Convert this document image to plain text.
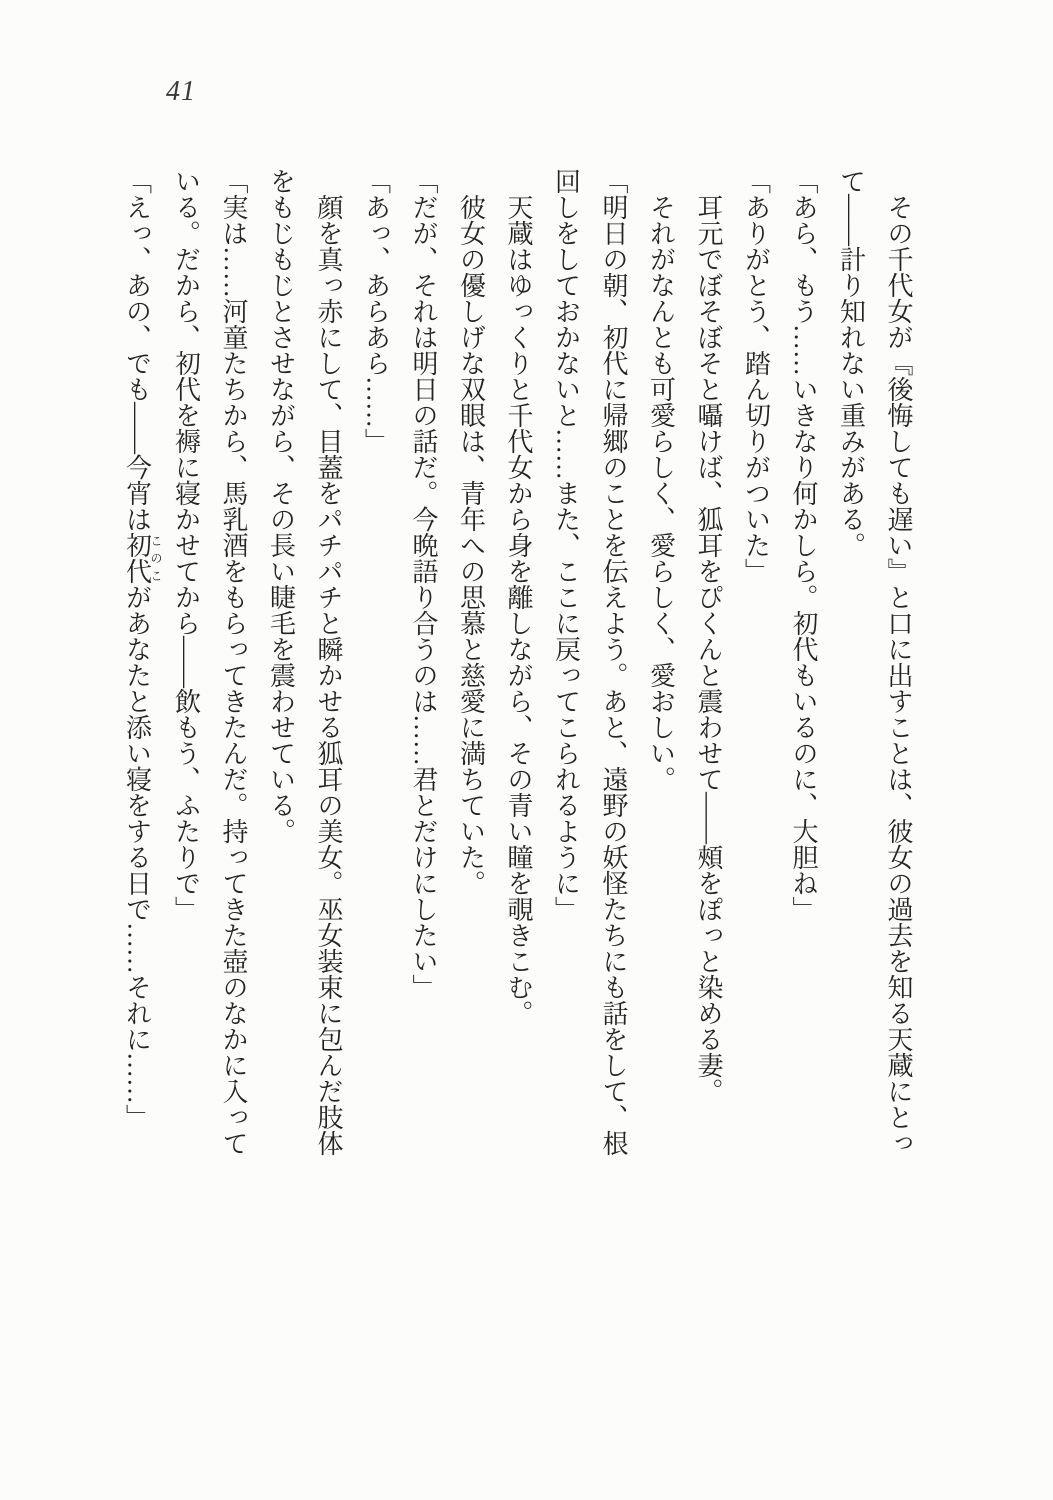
41

その千代女が『後悔しても遅い』と口に出すことは、彼女の過去を知る天蔵にとっ

て――計り知れない重みがある。

「あら、もう……いきなり何かしら。初代もいるのに、大胆ね」

「ありがとう、踏ん切りがついた」

耳元でぼそぼそと囁けば、狐耳をぴくんと震わせて――頰をぽっと染める妻。

それがなんとも可愛らしく、愛らしく、愛おしい。

「明日の朝、初代に帰郷のことを伝えよう。あと、遠野の妖怪たちにも話をして、根

回しをしておかないと……また、ここに戻ってこられるように」

天蔵はゆっくりと千代女から身を離しながら、その青い瞳を覗きこむ。

彼女の優しげな双眼は、青年への思慕と慈愛に満ちていた。

「だが、それは明日の話だ。今晩語り合うのは……君とだけにしたい」

「あっ、あらあら……」

顔を真っ赤にして、目蓋をパチパチと瞬かせる狐耳の美女。巫女装束に包んだ肢体

をもじもじとさせながら、その長い睫毛を震わせている。

「実は……河童たちから、馬乳酒をもらってきたんだ。持ってきた壺のなかに入って

いる。だから、初代を褥に寝かせてから――飲もう、ふたりで」

「えっ、あの、でも――今宵は初代このこがあなたと添い寝をする日で……それに……」
